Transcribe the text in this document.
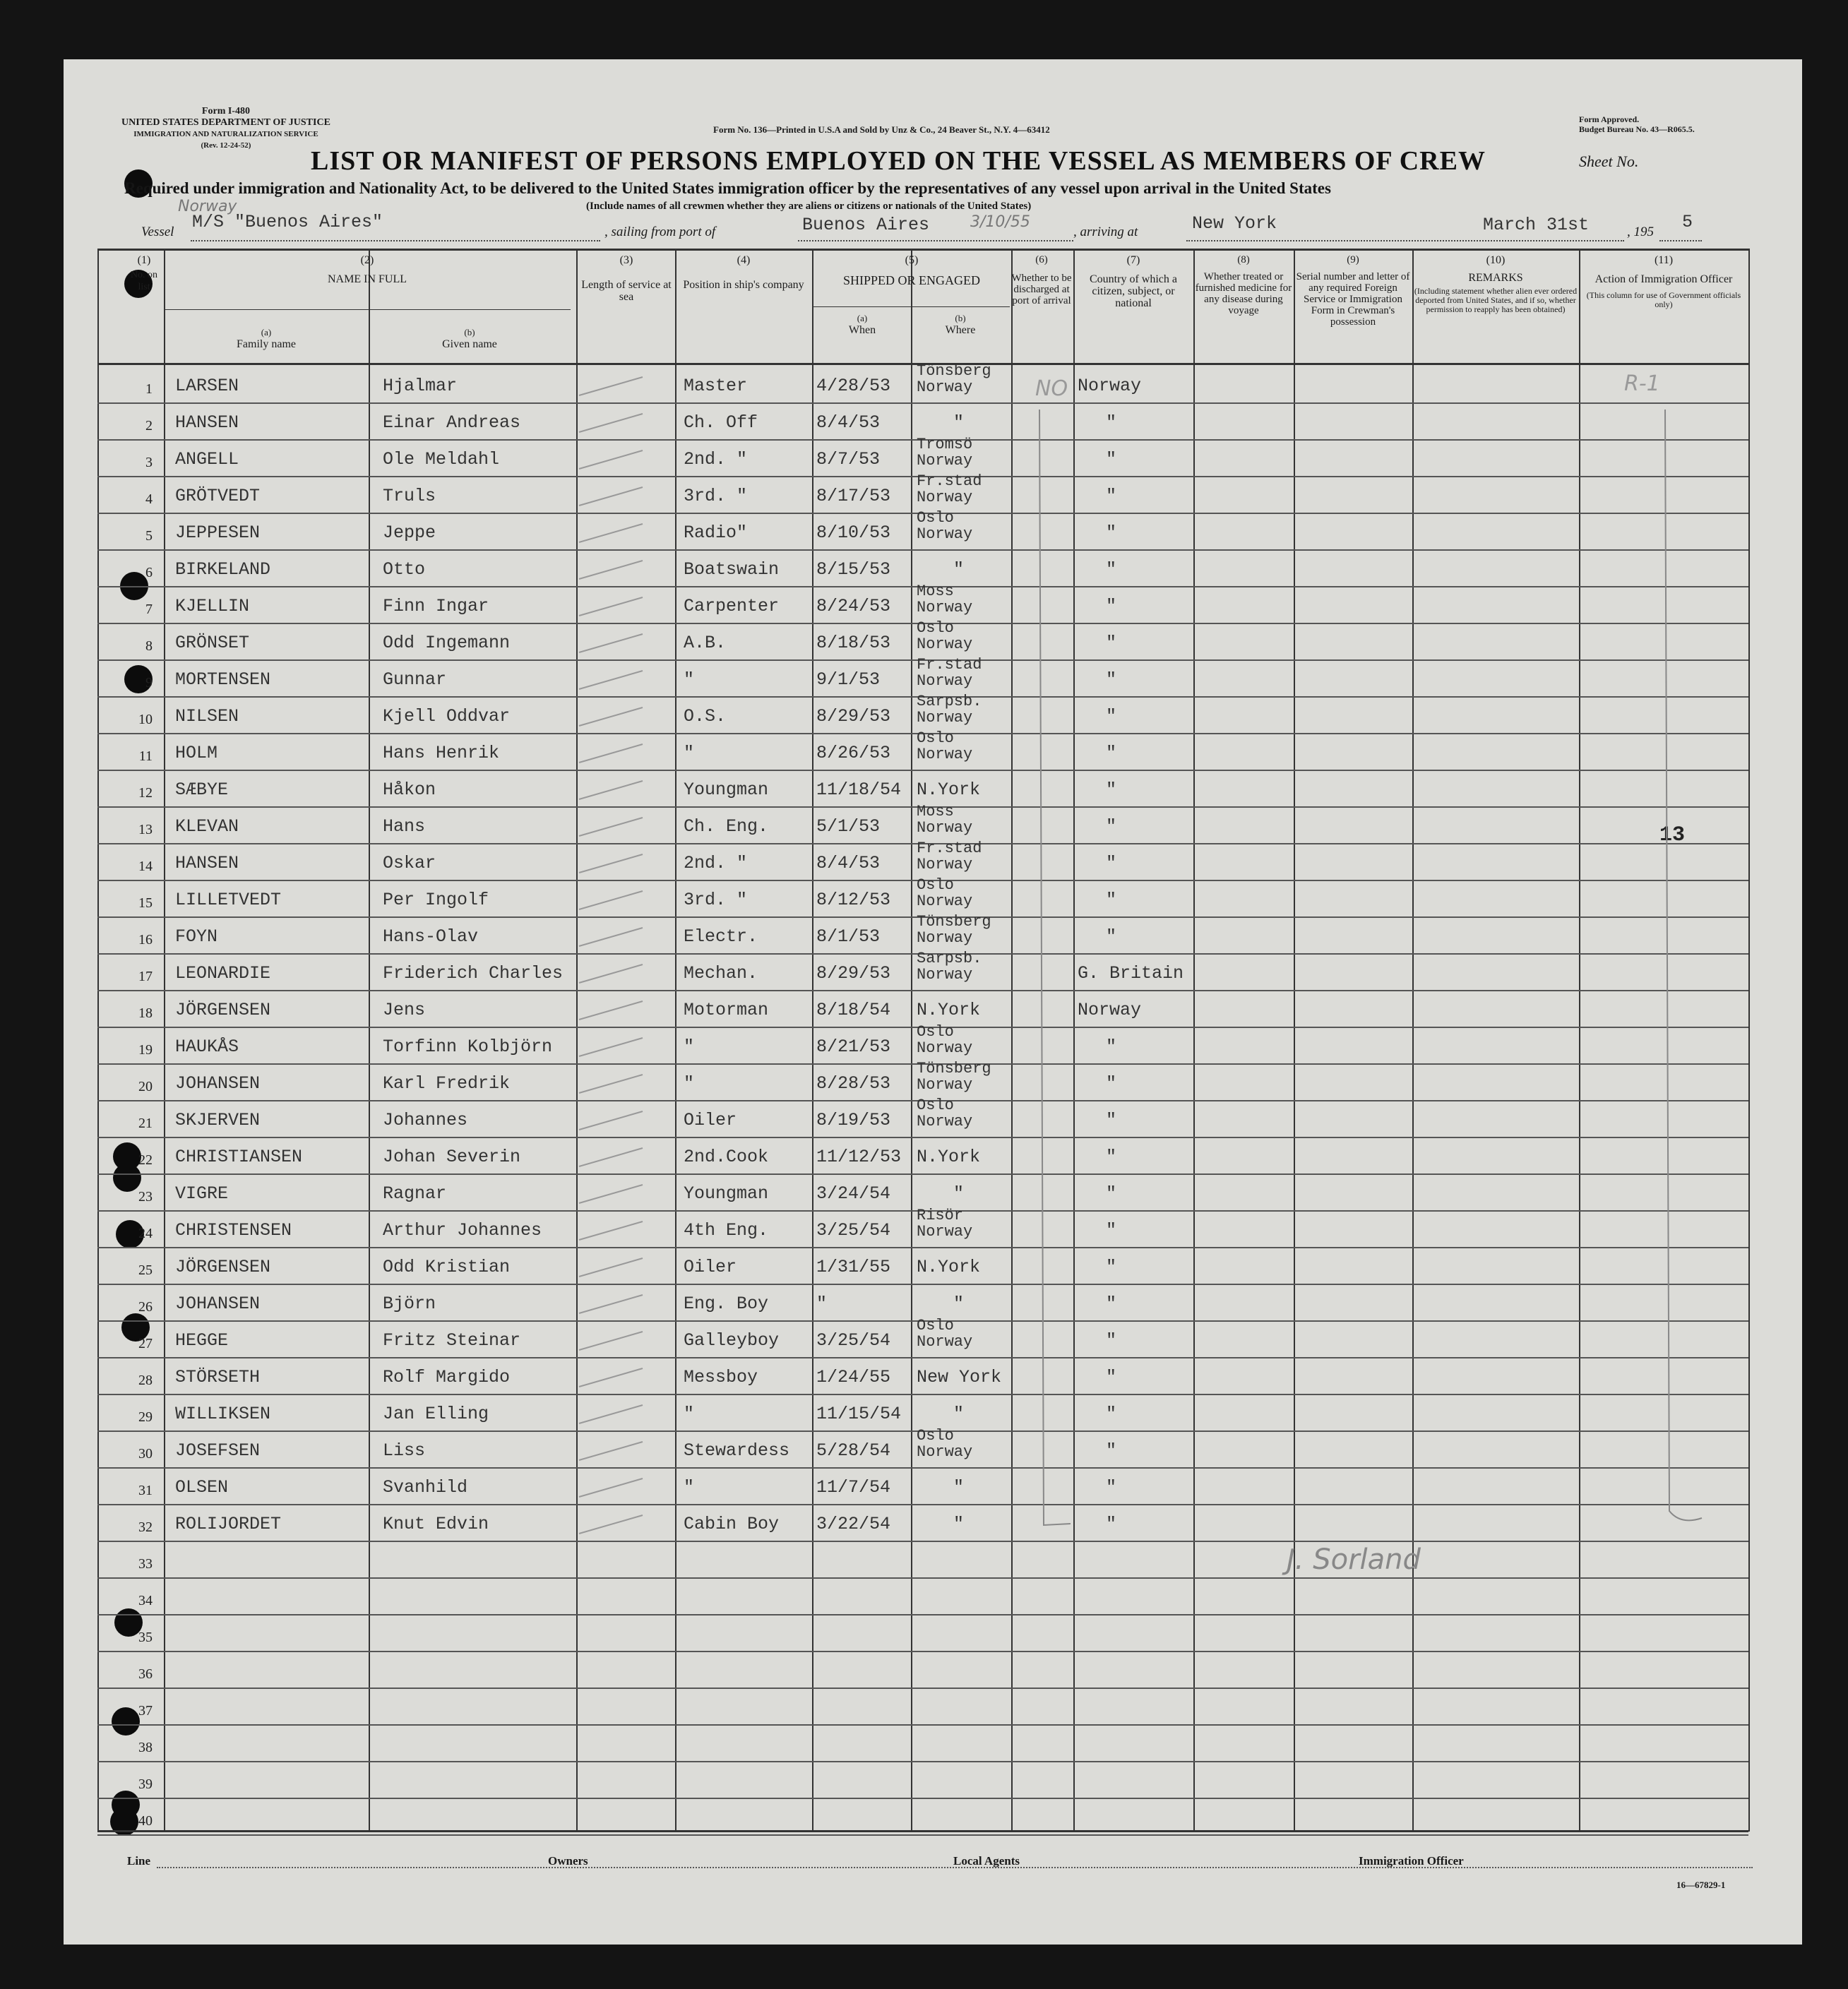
Form I-480
UNITED STATES DEPARTMENT OF JUSTICE
IMMIGRATION AND NATURALIZATION SERVICE
(Rev. 12-24-52)
Form No. 136—Printed in U.S.A and Sold by Unz & Co., 24 Beaver St., N.Y. 4—63412
Form Approved.
Budget Bureau No. 43—R065.5.
LIST OR MANIFEST OF PERSONS EMPLOYED ON THE VESSEL AS MEMBERS OF CREW	Sheet No.
Required under immigration and Nationality Act, to be delivered to the United States immigration officer by the representatives of any vessel upon arrival in the United States
(Include names of all crewmen whether they are aliens or citizens or nationals of the United States)
Norway
Vessel M/S "Buenos Aires"	, sailing from port of	Buenos Aires	3/10/55
, arriving at	New York	March 31st	, 195 5
(1)
No. on list
(2)
NAME IN FULL
(a)
Family name
(b)
Given name
(3)
Length of service at sea
(4)
Position in ship's company
(5)
SHIPPED OR ENGAGED
(a)
When
(b)
Where
(6)
Whether to be discharged at port of arrival
(7)
Country of which a citizen, subject, or national
(8)
Whether treated or furnished medicine for any disease during voyage
(9)
Serial number and letter of any required Foreign Service or Immigration Form in Crewman's possession
(10)
REMARKS
(Including statement whether alien ever ordered deported from United States, and if so, whether permission to reapply has been obtained)
(11)
Action of Immigration Officer
(This column for use of Government officials only)
1 LARSEN	Hjalmar	Master	4/28/53
Tönsberg
Norway	Norway
2 HANSEN	Einar Andreas	Ch. Off	8/4/53	"	"
3 ANGELL	Ole Meldahl	2nd. "	8/7/53
Tromsö
Norway	"
4 GRÖTVEDT	Truls	3rd. "	8/17/53
Fr.stad
Norway	"
5 JEPPESEN	Jeppe	Radio"	8/10/53
Oslo
Norway	"
6 BIRKELAND	Otto	Boatswain 8/15/53	"	"
7 KJELLIN	Finn Ingar	Carpenter 8/24/53
Moss
Norway	"
8 GRÖNSET	Odd Ingemann	A.B.	8/18/53
Oslo
Norway	"
9 MORTENSEN	Gunnar	"	9/1/53
Fr.stad
Norway	"
10 NILSEN	Kjell Oddvar	O.S.	8/29/53
Sarpsb.
Norway	"
11 HOLM	Hans Henrik	"	8/26/53
Oslo
Norway	"
12 SÆBYE	Håkon	Youngman	11/18/54 N.York	"
13 KLEVAN	Hans	Ch. Eng.	5/1/53
Moss
Norway	"
14 HANSEN	Oskar	2nd. "	8/4/53
Fr.stad
Norway	"
15 LILLETVEDT	Per Ingolf	3rd. "	8/12/53
Oslo
Norway	"
16 FOYN	Hans-Olav	Electr.	8/1/53
Tönsberg
Norway	"
17 LEONARDIE	Friderich Charles	Mechan.	8/29/53
Sarpsb.
Norway	G. Britain
18 JÖRGENSEN	Jens	Motorman	8/18/54 N.York	Norway
19 HAUKÅS	Torfinn Kolbjörn	"	8/21/53
Oslo
Norway	"
20 JOHANSEN	Karl Fredrik	"	8/28/53
Tönsberg
Norway	"
21 SKJERVEN	Johannes	Oiler	8/19/53
Oslo
Norway	"
22 CHRISTIANSEN	Johan Severin	2nd.Cook	11/12/53 N.York	"
23 VIGRE	Ragnar	Youngman	3/24/54	"	"
24 CHRISTENSEN	Arthur Johannes	4th Eng.	3/25/54
Risör
Norway	"
25 JÖRGENSEN	Odd Kristian	Oiler	1/31/55 N.York	"
26 JOHANSEN	Björn	Eng. Boy	"	"	"
27 HEGGE	Fritz Steinar	Galleyboy 3/25/54
Oslo
Norway	"
28 STÖRSETH	Rolf Margido	Messboy	1/24/55 New York	"
29 WILLIKSEN	Jan Elling	"	11/15/54	"	"
30 JOSEFSEN	Liss	Stewardess 5/28/54
Oslo
Norway	"
31 OLSEN	Svanhild	"	11/7/54	"	"
32 ROLIJORDET	Knut Edvin	Cabin Boy 3/22/54	"	"
33
34
35
36
37
38
39
40
R-1
13
J. Sorland
NO
Line	Owners	Local Agents	Immigration Officer
16—67829-1
